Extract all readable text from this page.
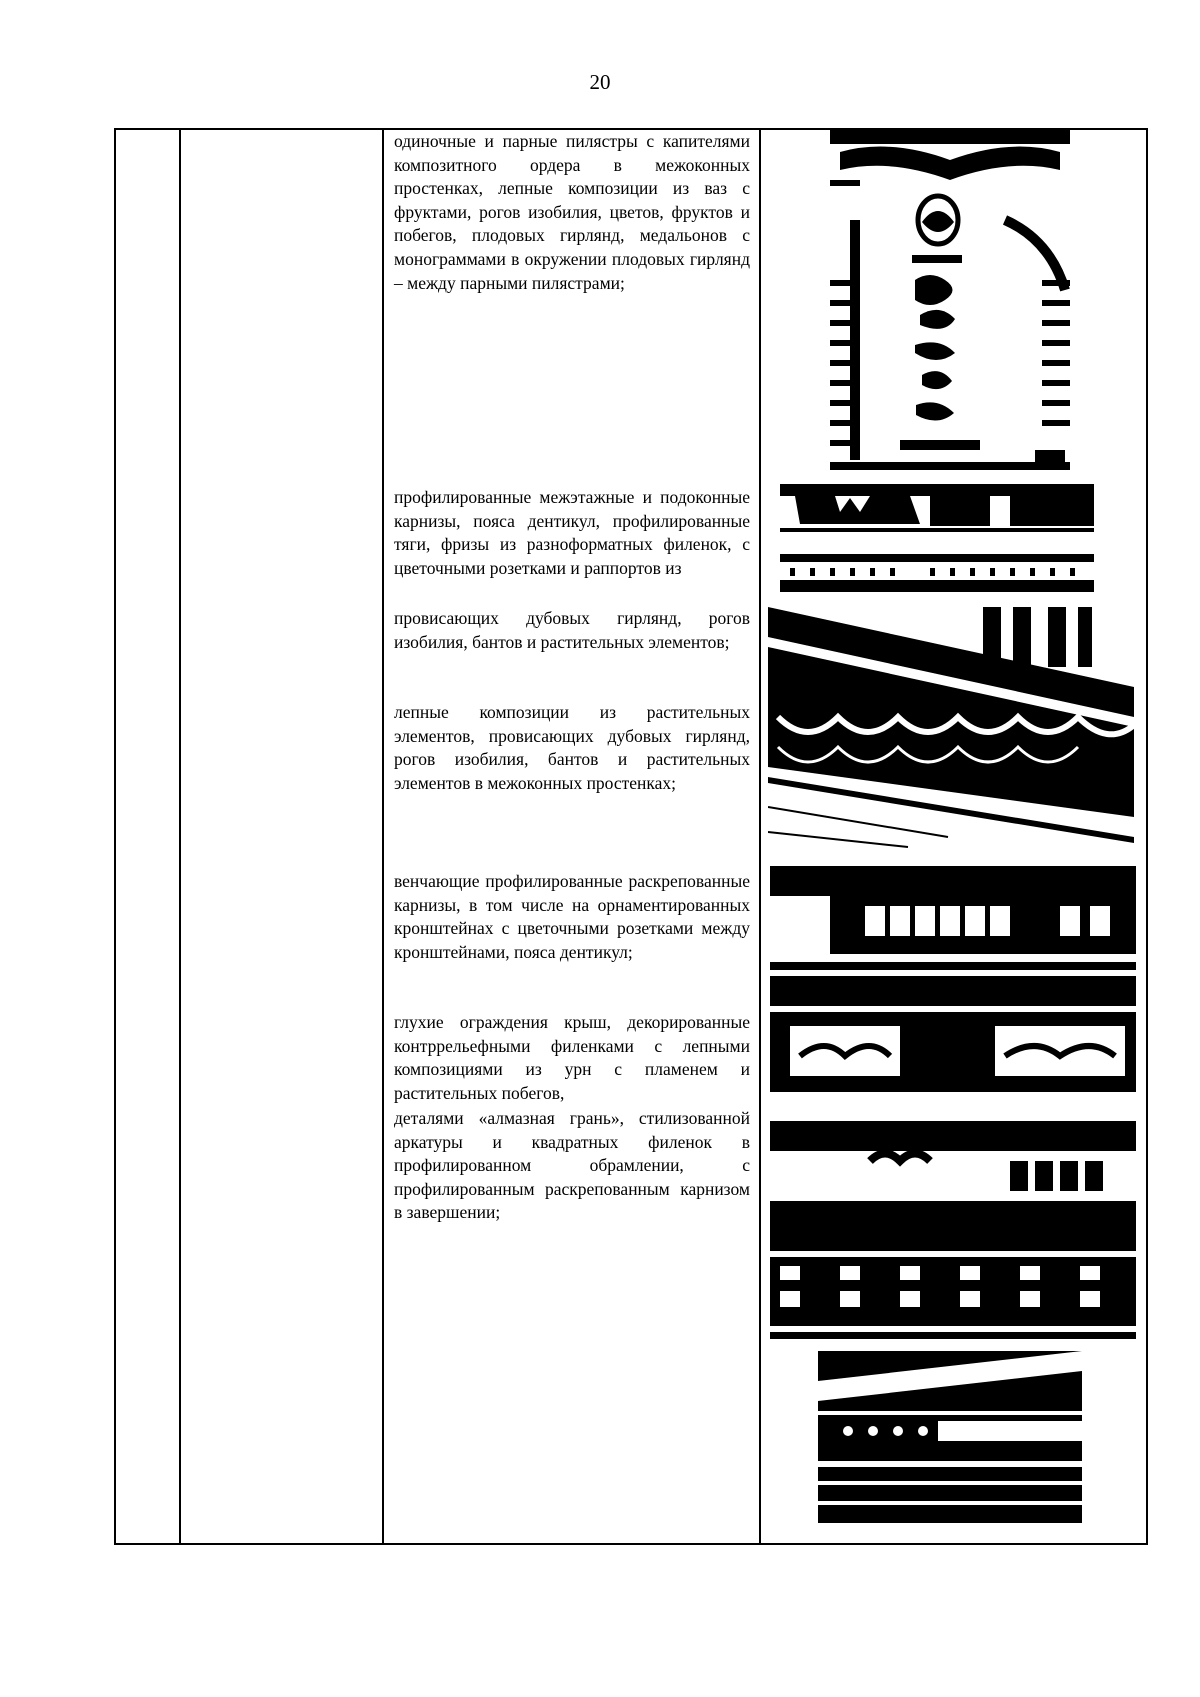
20

одиночные и парные пилястры с капителями композитного ордера в межоконных простенках, лепные композиции из ваз с фруктами, рогов изобилия, цветов, фруктов и побегов, плодовых гирлянд, медальонов с монограммами в окружении плодовых гирлянд – между парными пилястрами;

профилированные межэтажные и подоконные карнизы, пояса дентикул, профилированные тяги, фризы из разноформатных филенок, с цветочными розетками и раппортов из

провисающих дубовых гирлянд, рогов изобилия, бантов и растительных элементов;

лепные композиции из растительных элементов, провисающих дубовых гирлянд, рогов изобилия, бантов и растительных элементов в межоконных простенках;

венчающие профилированные раскрепованные карнизы, в том числе на орнаментированных кронштейнах с цветочными розетками между кронштейнами, пояса дентикул;

глухие ограждения крыш, декорированные контррельефными филенками с лепными композициями из урн с пламенем и растительных побегов,

деталями «алмазная грань», стилизованной аркатуры и квадратных филенок в профилированном обрамлении, с профилированным раскрепованным карнизом в завершении;
